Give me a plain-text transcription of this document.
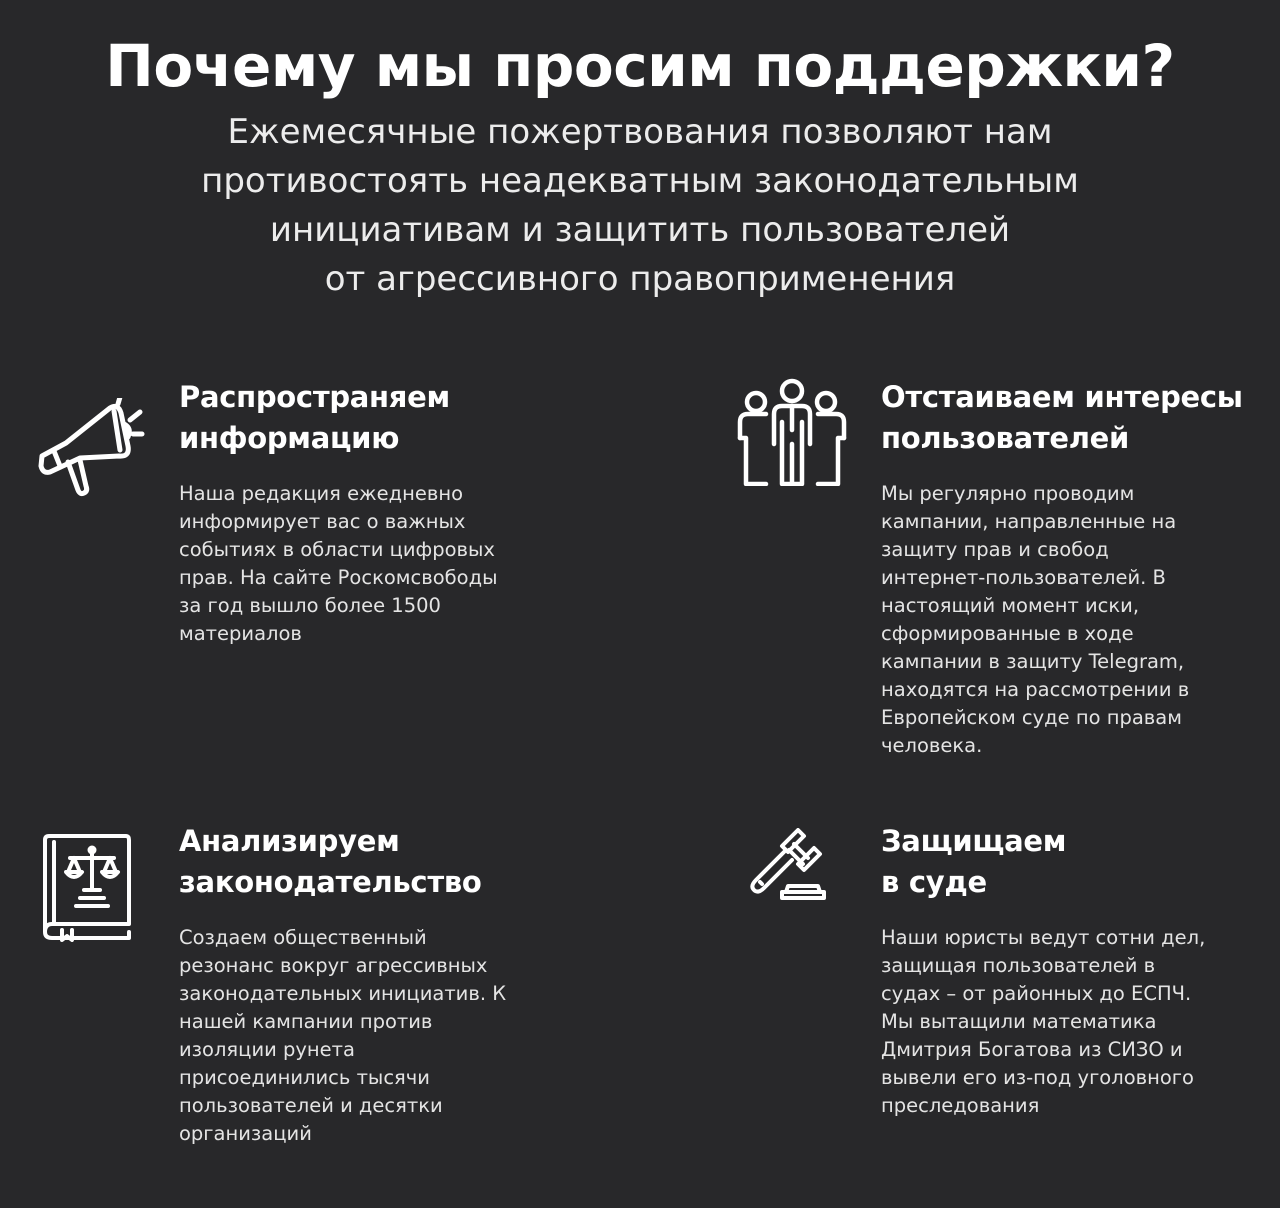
Почему мы просим поддержки?

Ежемесячные пожертвования позволяют нам
противостоять неадекватным законодательным
инициативам и защитить пользователей
от агрессивного правоприменения

Распространяем
информацию

Наша редакция ежедневно
информирует вас о важных
событиях в области цифровых
прав. На сайте Роскомсвободы
за год вышло более 1500
материалов

Отстаиваем интересы
пользователей

Мы регулярно проводим
кампании, направленные на
защиту прав и свобод
интернет-пользователей. В
настоящий момент иски,
сформированные в ходе
кампании в защиту Telegram,
находятся на рассмотрении в
Европейском суде по правам
человека.

Анализируем
законодательство

Создаем общественный
резонанс вокруг агрессивных
законодательных инициатив. К
нашей кампании против
изоляции рунета
присоединились тысячи
пользователей и десятки
организаций

Защищаем
в суде

Наши юристы ведут сотни дел,
защищая пользователей в
судах – от районных до ЕСПЧ.
Мы вытащили математика
Дмитрия Богатова из СИЗО и
вывели его из-под уголовного
преследования
